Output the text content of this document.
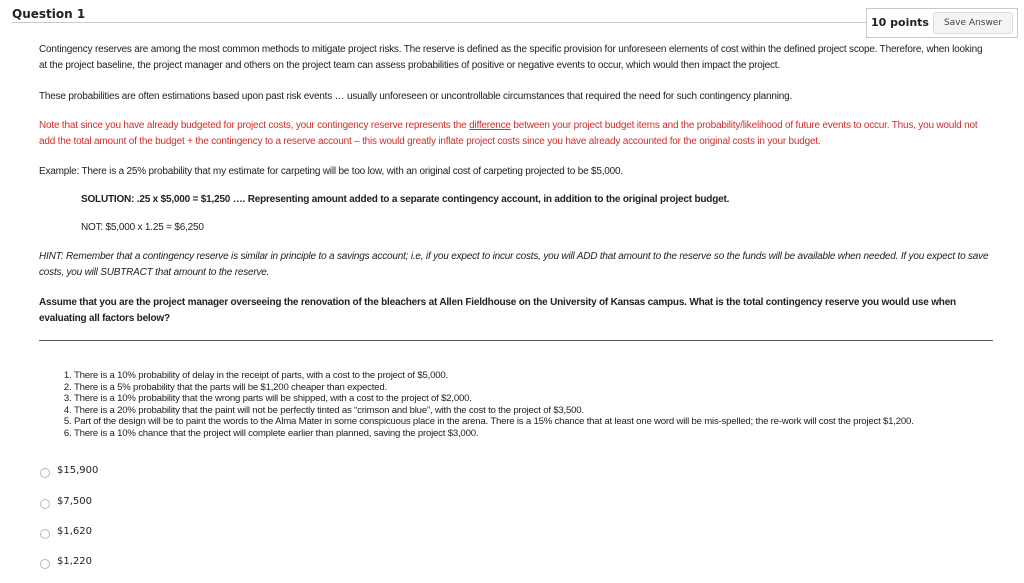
Question 1
10 points	Save Answer

Contingency reserves are among the most common methods to mitigate project risks. The reserve is defined as the specific provision for unforeseen elements of cost within the defined project scope. Therefore, when looking at the project baseline, the project manager and others on the project team can assess probabilities of positive or negative events to occur, which would then impact the project.

These probabilities are often estimations based upon past risk events … usually unforeseen or uncontrollable circumstances that required the need for such contingency planning.

Note that since you have already budgeted for project costs, your contingency reserve represents the difference between your project budget items and the probability/likelihood of future events to occur. Thus, you would not add the total amount of the budget + the contingency to a reserve account – this would greatly inflate project costs since you have already accounted for the original costs in your budget.

Example: There is a 25% probability that my estimate for carpeting will be too low, with an original cost of carpeting projected to be $5,000.

SOLUTION: .25 x $5,000 = $1,250 …. Representing amount added to a separate contingency account, in addition to the original project budget.

NOT: $5,000 x 1.25 = $6,250

HINT: Remember that a contingency reserve is similar in principle to a savings account; i.e, if you expect to incur costs, you will ADD that amount to the reserve so the funds will be available when needed. If you expect to save costs, you will SUBTRACT that amount to the reserve.

Assume that you are the project manager overseeing the renovation of the bleachers at Allen Fieldhouse on the University of Kansas campus. What is the total contingency reserve you would use when evaluating all factors below?

1. There is a 10% probability of delay in the receipt of parts, with a cost to the project of $5,000.
2. There is a 5% probability that the parts will be $1,200 cheaper than expected.
3. There is a 10% probability that the wrong parts will be shipped, with a cost to the project of $2,000.
4. There is a 20% probability that the paint will not be perfectly tinted as “crimson and blue”, with the cost to the project of $3,500.
5. Part of the design will be to paint the words to the Alma Mater in some conspicuous place in the arena. There is a 15% chance that at least one word will be mis-spelled; the re-work will cost the project $1,200.
6. There is a 10% chance that the project will complete earlier than planned, saving the project $3,000.
$15,900
$7,500
$1,620
$1,220
